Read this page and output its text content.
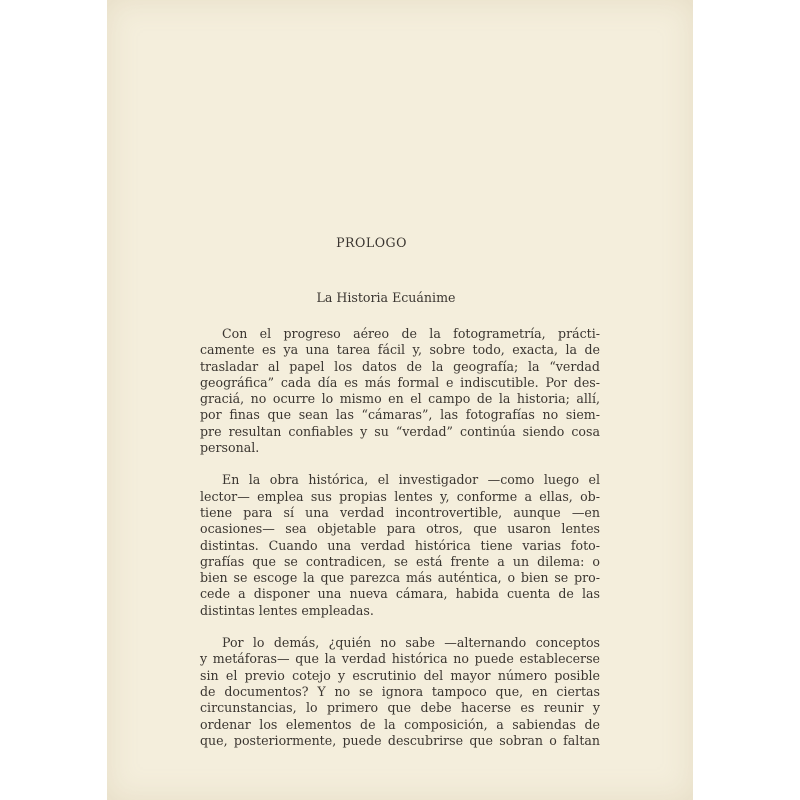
PROLOGO
La Historia Ecuánime
Con el progreso aéreo de la fotogrametría, prácti-
camente es ya una tarea fácil y, sobre todo, exacta, la de
trasladar al papel los datos de la geografía; la “verdad
geográfica” cada día es más formal e indiscutible. Por des-
graciá, no ocurre lo mismo en el campo de la historia; allí,
por finas que sean las “cámaras”, las fotografías no siem-
pre resultan confiables y su “verdad” continúa siendo cosa
personal.
En la obra histórica, el investigador —como luego el
lector— emplea sus propias lentes y, conforme a ellas, ob-
tiene para sí una verdad incontrovertible, aunque —en
ocasiones— sea objetable para otros, que usaron lentes
distintas. Cuando una verdad histórica tiene varias foto-
grafías que se contradicen, se está frente a un dilema: o
bien se escoge la que parezca más auténtica, o bien se pro-
cede a disponer una nueva cámara, habida cuenta de las
distintas lentes empleadas.
Por lo demás, ¿quién no sabe —alternando conceptos
y metáforas— que la verdad histórica no puede establecerse
sin el previo cotejo y escrutinio del mayor número posible
de documentos? Y no se ignora tampoco que, en ciertas
circunstancias, lo primero que debe hacerse es reunir y
ordenar los elementos de la composición, a sabiendas de
que, posteriormente, puede descubrirse que sobran o faltan
